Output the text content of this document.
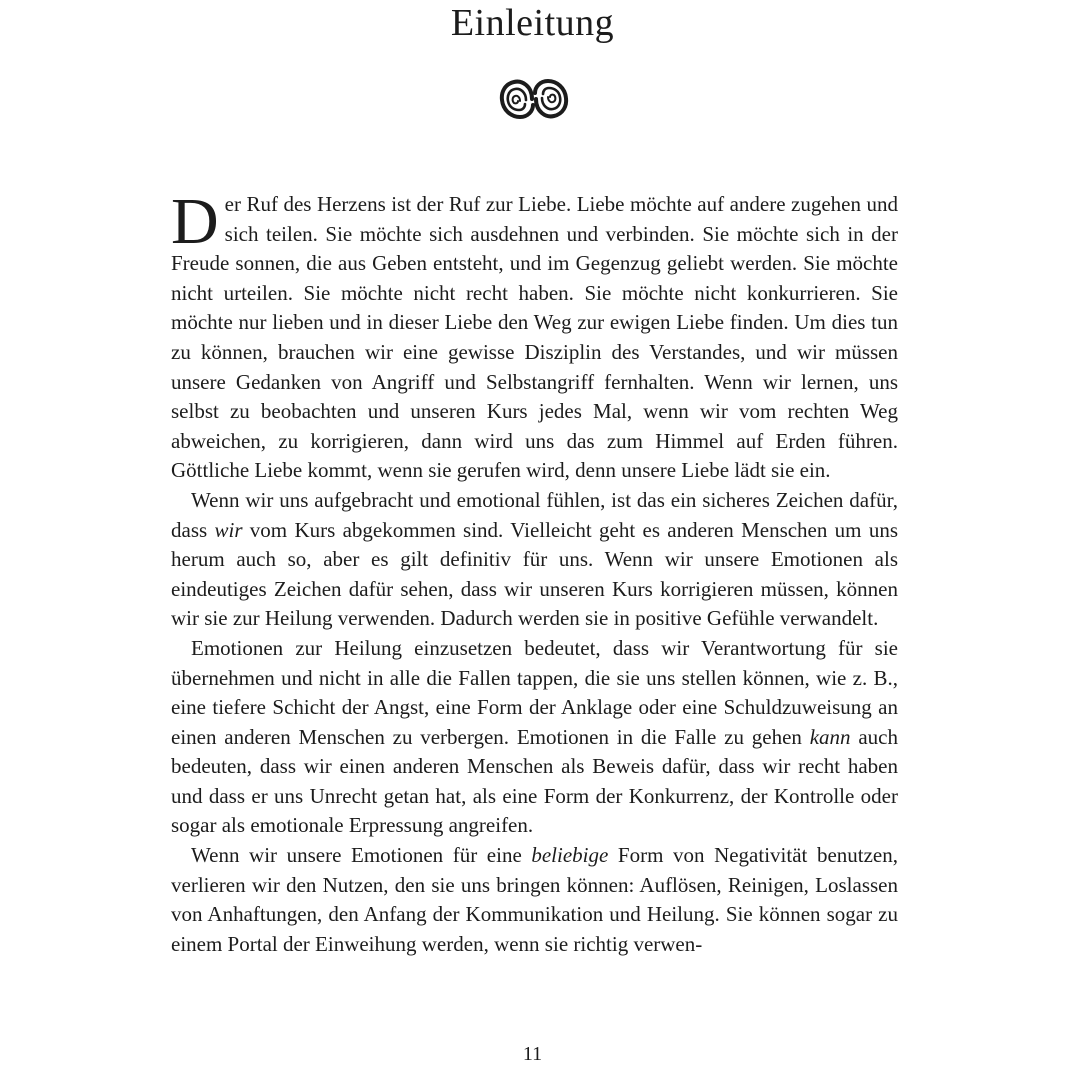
Einleitung

Der Ruf des Herzens ist der Ruf zur Liebe. Liebe möchte auf andere zugehen und sich teilen. Sie möchte sich ausdehnen und verbinden. Sie möchte sich in der Freude sonnen, die aus Geben entsteht, und im Gegenzug geliebt werden. Sie möchte nicht urteilen. Sie möchte nicht recht haben. Sie möchte nicht konkurrieren. Sie möchte nur lieben und in dieser Liebe den Weg zur ewigen Liebe finden. Um dies tun zu können, brauchen wir eine gewisse Disziplin des Verstandes, und wir müssen unsere Gedanken von Angriff und Selbstangriff fernhalten. Wenn wir lernen, uns selbst zu beobachten und unseren Kurs jedes Mal, wenn wir vom rechten Weg abweichen, zu korrigieren, dann wird uns das zum Himmel auf Erden führen. Göttliche Liebe kommt, wenn sie gerufen wird, denn unsere Liebe lädt sie ein.

Wenn wir uns aufgebracht und emotional fühlen, ist das ein sicheres Zeichen dafür, dass wir vom Kurs abgekommen sind. Vielleicht geht es anderen Menschen um uns herum auch so, aber es gilt definitiv für uns. Wenn wir unsere Emotionen als eindeutiges Zeichen dafür sehen, dass wir unseren Kurs korrigieren müssen, können wir sie zur Heilung verwenden. Dadurch werden sie in positive Gefühle verwandelt.

Emotionen zur Heilung einzusetzen bedeutet, dass wir Verantwortung für sie übernehmen und nicht in alle die Fallen tappen, die sie uns stellen können, wie z. B., eine tiefere Schicht der Angst, eine Form der Anklage oder eine Schuldzuweisung an einen anderen Menschen zu verbergen. Emotionen in die Falle zu gehen kann auch bedeuten, dass wir einen anderen Menschen als Beweis dafür, dass wir recht haben und dass er uns Unrecht getan hat, als eine Form der Konkurrenz, der Kontrolle oder sogar als emotionale Erpressung angreifen.

Wenn wir unsere Emotionen für eine beliebige Form von Negativität benutzen, verlieren wir den Nutzen, den sie uns bringen können: Auflösen, Reinigen, Loslassen von Anhaftungen, den Anfang der Kommunikation und Heilung. Sie können sogar zu einem Portal der Einweihung werden, wenn sie richtig verwen-

11
